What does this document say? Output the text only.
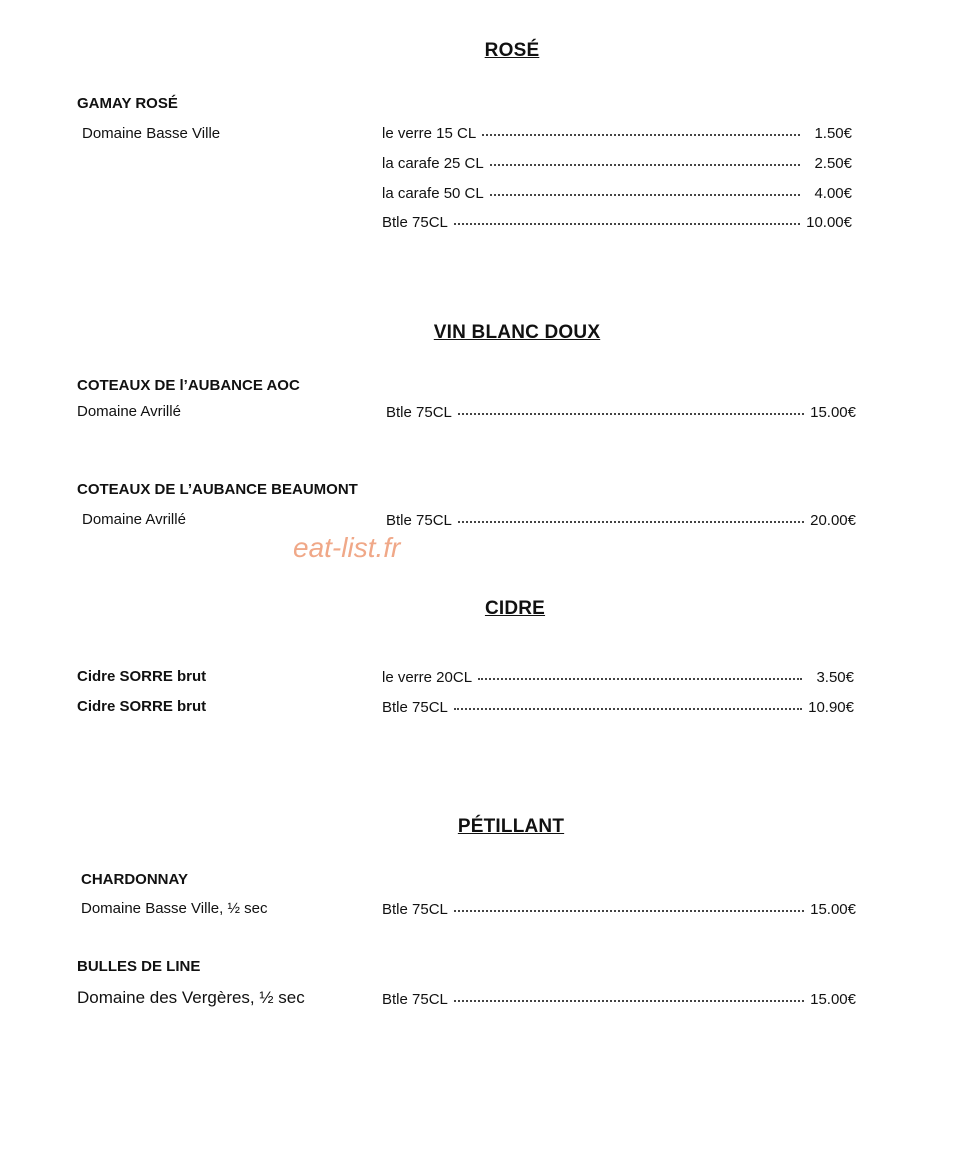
ROSÉ
GAMAY ROSÉ
Domaine Basse Ville	le verre 15 CL	1.50€
la carafe 25 CL	2.50€
la carafe 50 CL	4.00€
Btle 75CL	10.00€
VIN BLANC DOUX
COTEAUX DE l’AUBANCE AOC
Domaine Avrillé	Btle 75CL	15.00€
COTEAUX DE L’AUBANCE BEAUMONT
Domaine Avrillé	Btle 75CL	20.00€
eat-list.fr
CIDRE
Cidre SORRE brut	le verre 20CL	3.50€
Cidre SORRE brut	Btle 75CL	10.90€
PÉTILLANT
CHARDONNAY
Domaine Basse Ville, ½ sec	Btle 75CL	15.00€
BULLES DE LINE
Domaine des Vergères, ½ sec	Btle 75CL	15.00€
